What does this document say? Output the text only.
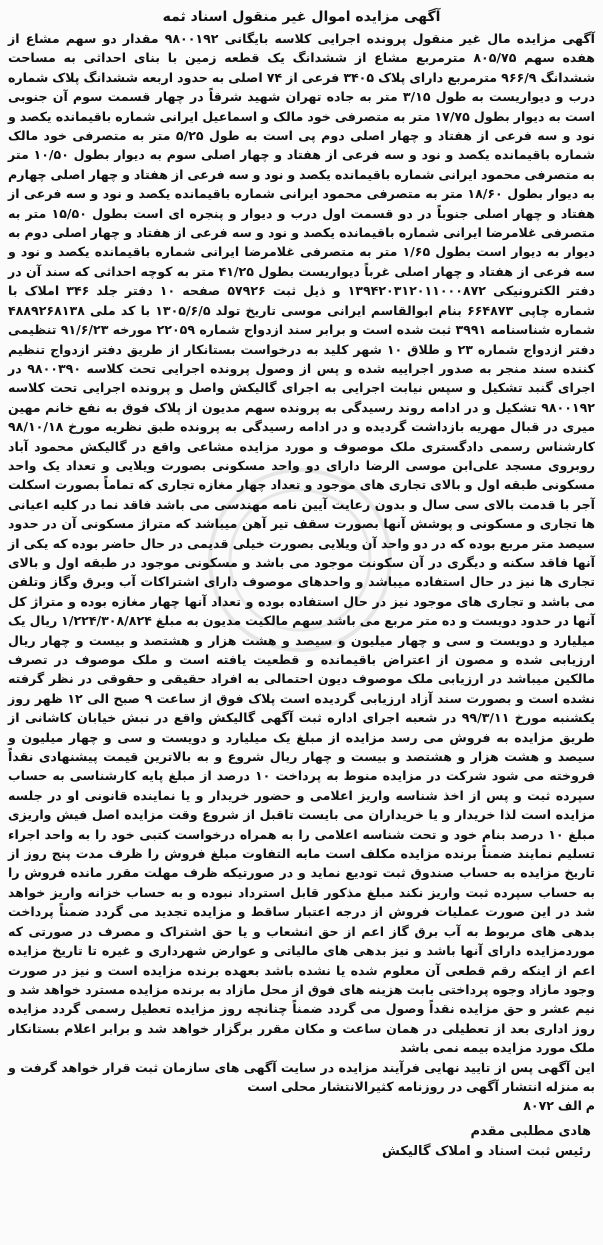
آگهی مزایده اموال غیر منقول اسناد ثمه

آگهی مزایده مال غیر منقول پرونده اجرایی کلاسه بایگانی ۹۸۰۰۱۹۲ مقدار دو سهم مشاع از هفده سهم ۸۰۵/۷۵ مترمربع مشاع از ششدانگ یک قطعه زمین با بنای احداثی به مساحت ششدانگ ۹۶۶/۹ مترمربع دارای پلاک ۳۴۰۵ فرعی از ۷۴ اصلی به حدود اربعه ششدانگ پلاک شماره درب و دیواریست به طول ۳/۱۵ متر به جاده تهران شهید شرقاً در چهار قسمت سوم آن جنوبی است به دیوار بطول ۱۷/۷۵ متر به متصرفی خود مالک و اسماعیل ایرانی شماره باقیمانده یکصد و نود و سه فرعی از هفتاد و چهار اصلی دوم پی است به طول ۵/۲۵ متر به متصرفی خود مالک شماره باقیمانده یکصد و نود و سه فرعی از هفتاد و چهار اصلی سوم به دیوار بطول ۱۰/۵۰ متر به متصرفی محمود ایرانی شماره باقیمانده یکصد و نود و سه فرعی از هفتاد و چهار اصلی چهارم به دیوار بطول ۱۸/۶۰ متر به متصرفی محمود ایرانی شماره باقیمانده یکصد و نود و سه فرعی از هفتاد و چهار اصلی جنوباً در دو قسمت اول درب و دیوار و پنجره ای است بطول ۱۵/۵۰ متر به متصرفی غلامرضا ایرانی شماره باقیمانده یکصد و نود و سه فرعی از هفتاد و چهار اصلی دوم به دیوار به دیوار است بطول ۱/۶۵ متر به متصرفی غلامرضا ایرانی شماره باقیمانده یکصد و نود و سه فرعی از هفتاد و چهار اصلی غرباً دیواریست بطول ۴۱/۲۵ متر به کوچه احداثی که سند آن در دفتر الکترونیکی ۱۳۹۴۲۰۳۱۲۰۱۱۰۰۰۸۷۲ و ذیل ثبت ۵۷۹۲۶ صفحه ۱۰ دفتر جلد ۳۴۶ املاک با شماره چاپی ۶۶۴۸۷۳ بنام ابوالقاسم ایرانی موسی تاریخ تولد ۱۳۰۵/۶/۵ با کد ملی ۴۸۸۹۲۶۸۱۳۸ شماره شناسنامه ۳۹۹۱ ثبت شده است و برابر سند ازدواج شماره ۲۲۰۵۹ مورخه ۹۱/۶/۲۳ تنظیمی دفتر ازدواج شماره ۲۳ و طلاق ۱۰ شهر کلید به درخواست بستانکار از طریق دفتر ازدواج تنظیم کننده سند منجر به صدور اجراییه شده و پس از وصول پرونده اجرایی تحت کلاسه ۹۸۰۰۳۹۰ در اجرای گنبد تشکیل و سپس نیابت اجرایی به اجرای گالیکش واصل و پرونده اجرایی تحت کلاسه ۹۸۰۰۱۹۲ تشکیل و در ادامه روند رسیدگی به پرونده سهم مدیون از پلاک فوق به نفع خانم مهین میری در قبال مهریه بازداشت گردیده و در ادامه رسیدگی به پرونده طبق نظریه مورخ ۹۸/۱۰/۱۸ کارشناس رسمی دادگستری ملک موصوف و مورد مزایده مشاعی واقع در گالیکش محمود آباد روبروی مسجد علی‌ابن موسی الرضا دارای دو واحد مسکونی بصورت ویلایی و تعداد یک واحد مسکونی طبقه اول و بالای تجاری های موجود و تعداد چهار مغازه تجاری که تماماً بصورت اسکلت آجر با قدمت بالای سی سال و بدون رعایت آیین نامه مهندسی می باشد فاقد نما در کلیه اعیانی ها تجاری و مسکونی و پوشش آنها بصورت سقف تیر آهن میباشد که متراژ مسکونی آن در حدود سیصد متر مربع بوده که در دو واحد آن ویلایی بصورت خیلی قدیمی در حال حاضر بوده که یکی از آنها فاقد سکنه و دیگری در آن سکونت موجود می باشد و مسکونی موجود در طبقه اول و بالای تجاری ها نیز در حال استفاده میباشد و واحدهای موصوف دارای اشتراکات آب وبرق وگاز وتلفن می باشد و تجاری های موجود نیز در حال استفاده بوده و تعداد آنها چهار مغازه بوده و متراژ کل آنها در حدود دویست و ده متر مربع می باشد سهم مالکیت مدیون به مبلغ ۱/۲۲۴/۳۰۸/۸۲۴ ریال یک میلیارد و دویست و سی و چهار میلیون و سیصد و هشت هزار و هشتصد و بیست و چهار ریال ارزیابی شده و مصون از اعتراض باقیمانده و قطعیت یافته است و ملک موصوف در تصرف مالکین میباشد در ارزیابی ملک موصوف دیون احتمالی به افراد حقیقی و حقوقی در نظر گرفته نشده است و بصورت سند آزاد ارزیابی گردیده است پلاک فوق از ساعت ۹ صبح الی ۱۲ ظهر روز یکشنبه مورخ ۹۹/۳/۱۱ در شعبه اجرای اداره ثبت آگهی گالیکش واقع در نبش خیابان کاشانی از طریق مزایده به فروش می رسد مزایده از مبلغ یک میلیارد و دویست و سی و چهار میلیون و سیصد و هشت هزار و هشتصد و بیست و چهار ریال شروع و به بالاترین قیمت پیشنهادی نقداً فروخته می شود شرکت در مزایده منوط به پرداخت ۱۰ درصد از مبلغ پایه کارشناسی به حساب سپرده ثبت و پس از اخذ شناسه واریز اعلامی و حضور خریدار و یا نماینده قانونی او در جلسه مزایده است لذا خریدار و یا خریداران می بایست تاقبل از شروع وقت مزایده اصل فیش واریزی مبلغ ۱۰ درصد بنام خود و تحت شناسه اعلامی را به همراه درخواست کتبی خود را به واحد اجراء تسلیم نمایند ضمناً برنده مزایده مکلف است مابه التفاوت مبلغ فروش را ظرف مدت پنج روز از تاریخ مزایده به حساب صندوق ثبت تودیع نماید و در صورتیکه ظرف مهلت مقرر مانده فروش را به حساب سپرده ثبت واریز نکند مبلغ مذکور قابل استرداد نبوده و به حساب خزانه واریز خواهد شد در این صورت عملیات فروش از درجه اعتبار ساقط و مزایده تجدید می گردد ضمناً پرداخت بدهی های مربوط به آب برق گاز اعم از حق انشعاب و یا حق اشتراک و مصرف در صورتی که موردمزایده دارای آنها باشد و نیز بدهی های مالیاتی و عوارض شهرداری و غیره تا تاریخ مزایده اعم از اینکه رقم قطعی آن معلوم شده یا نشده باشد بعهده برنده مزایده است و نیز در صورت وجود مازاد وجوه پرداختی بابت هزینه های فوق از محل مازاد به برنده مزایده مسترد خواهد شد و نیم عشر و حق مزایده نقداً وصول می گردد ضمناً چنانچه روز مزایده تعطیل رسمی گردد مزایده روز اداری بعد از تعطیلی در همان ساعت و مکان مقرر برگزار خواهد شد و برابر اعلام بستانکار ملک مورد مزایده بیمه نمی باشد

این آگهی پس از تایید نهایی فرآیند مزایده در سایت آگهی های سازمان ثبت قرار خواهد گرفت و به منزله انتشار آگهی در روزنامه کثیرالانتشار محلی است

م الف ۸۰۷۲

هادی مطلبی مقدم

رئیس ثبت اسناد و املاک گالیکش
